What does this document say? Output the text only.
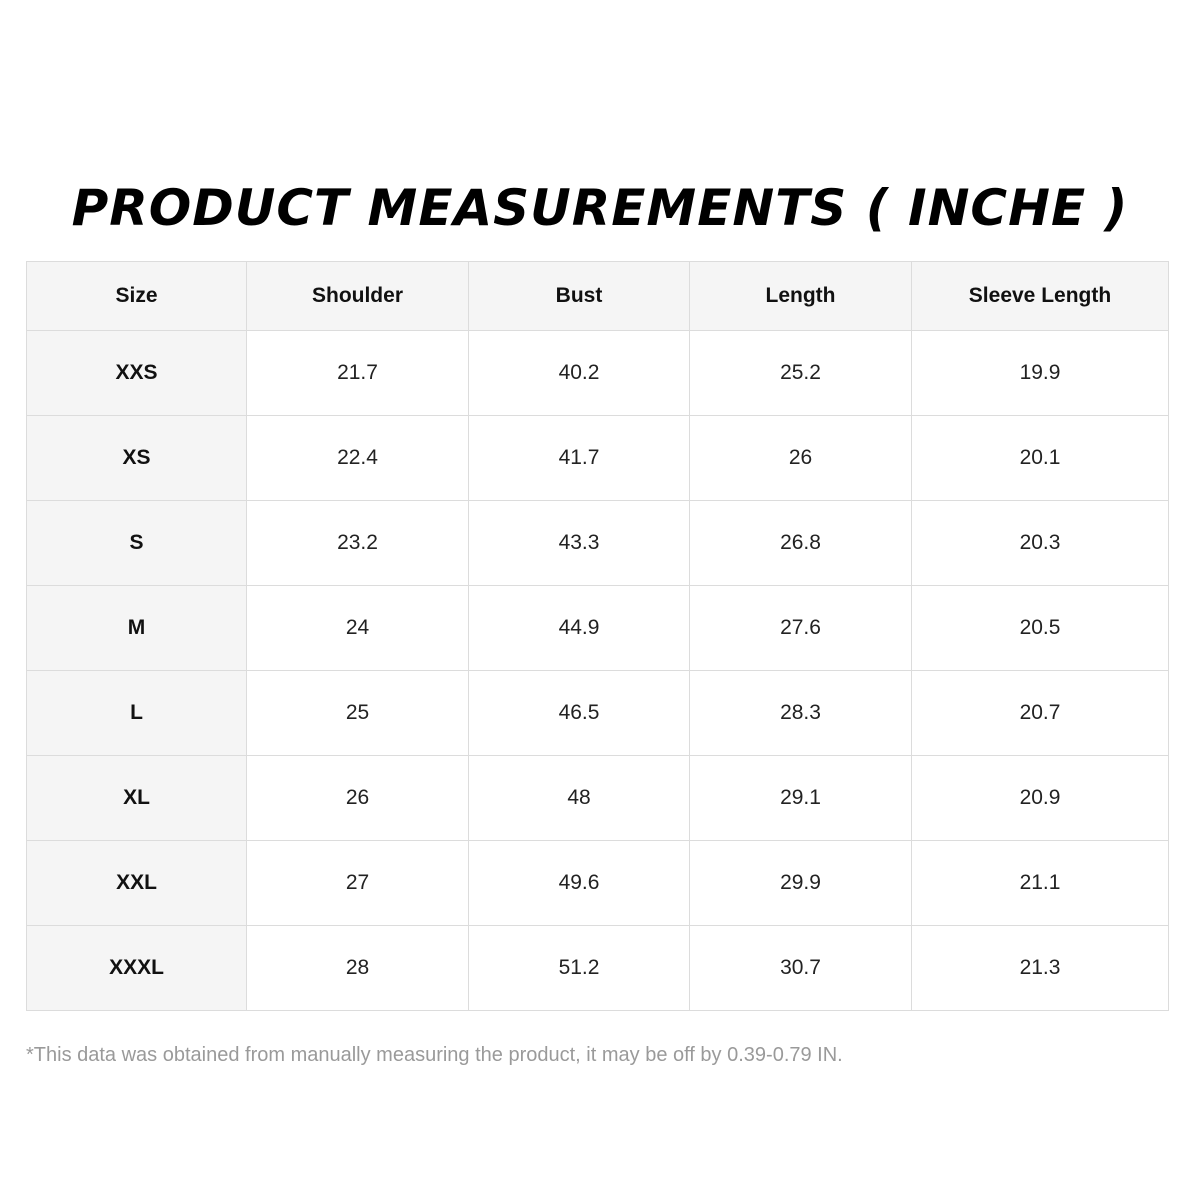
PRODUCT MEASUREMENTS ( INCHE )
Size	Shoulder	Bust	Length	Sleeve Length
XXS	21.7	40.2	25.2	19.9
XS	22.4	41.7	26	20.1
S	23.2	43.3	26.8	20.3
M	24	44.9	27.6	20.5
L	25	46.5	28.3	20.7
XL	26	48	29.1	20.9
XXL	27	49.6	29.9	21.1
XXXL	28	51.2	30.7	21.3

*This data was obtained from manually measuring the product, it may be off by 0.39-0.79 IN.
